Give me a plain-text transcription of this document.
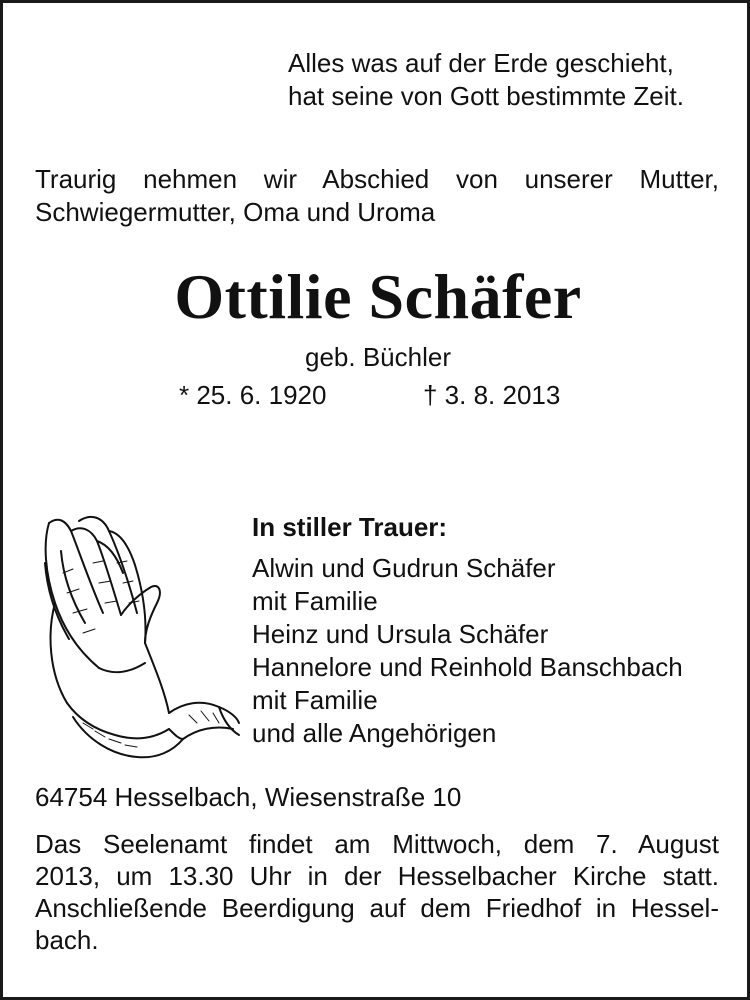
Alles was auf der Erde geschieht,
hat seine von Gott bestimmte Zeit.
Traurig nehmen wir Abschied von unserer Mutter,
Schwiegermutter, Oma und Uroma
Ottilie Schäfer
geb. Büchler
* 25. 6. 1920	† 3. 8. 2013
In stiller Trauer:
Alwin und Gudrun Schäfer
mit Familie
Heinz und Ursula Schäfer
Hannelore und Reinhold Banschbach
mit Familie
und alle Angehörigen
64754 Hesselbach, Wiesenstraße 10
Das Seelenamt findet am Mittwoch, dem 7. August
2013, um 13.30 Uhr in der Hesselbacher Kirche statt.
Anschließende Beerdigung auf dem Friedhof in Hessel-
bach.
